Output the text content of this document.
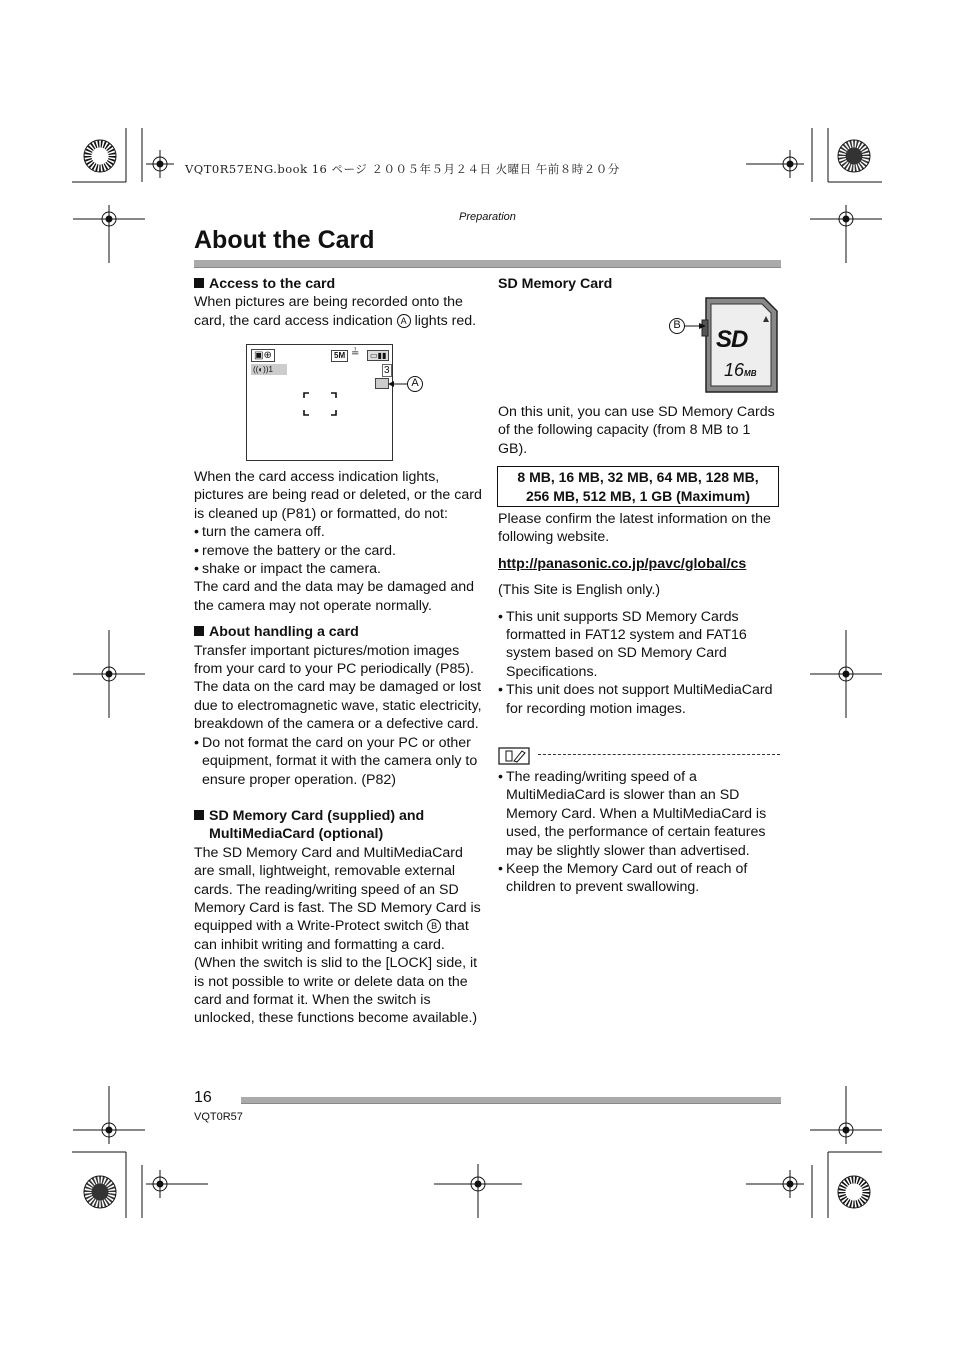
VQT0R57ENG.book 16 ページ ２００５年５月２４日 火曜日 午前８時２０分
Preparation
About the Card

Access to the card

When pictures are being recorded onto the card, the card access indication A lights red.

▣⊕	5M ≟	▭▮▮
((◐))1	3
A

When the card access indication lights, pictures are being read or deleted, or the card is cleaned up (P81) or formatted, do not:

• turn the camera off.

• remove the battery or the card.

• shake or impact the camera.

The card and the data may be damaged and the camera may not operate normally.

About handling a card

Transfer important pictures/motion images from your card to your PC periodically (P85). The data on the card may be damaged or lost due to electromagnetic wave, static electricity, breakdown of the camera or a defective card.

• Do not format the card on your PC or other equipment, format it with the camera only to ensure proper operation. (P82)

SD Memory Card (supplied) and

MultiMediaCard (optional)

The SD Memory Card and MultiMediaCard are small, lightweight, removable external cards. The reading/writing speed of an SD Memory Card is fast. The SD Memory Card is equipped with a Write-Protect switch B that can inhibit writing and formatting a card. (When the switch is slid to the [LOCK] side, it is not possible to write or delete data on the card and format it. When the switch is unlocked, these functions become available.)

SD Memory Card
SD
16MB
B
On this unit, you can use SD Memory Cards of the following capacity (from 8 MB to 1 GB).
8 MB, 16 MB, 32 MB, 64 MB, 128 MB,
256 MB, 512 MB, 1 GB (Maximum)

Please confirm the latest information on the following website.

http://panasonic.co.jp/pavc/global/cs

(This Site is English only.)

• This unit supports SD Memory Cards formatted in FAT12 system and FAT16 system based on SD Memory Card Specifications.

• This unit does not support MultiMediaCard for recording motion images.

• The reading/writing speed of a MultiMediaCard is slower than an SD Memory Card. When a MultiMediaCard is used, the performance of certain features may be slightly slower than advertised.

• Keep the Memory Card out of reach of children to prevent swallowing.

16
VQT0R57
